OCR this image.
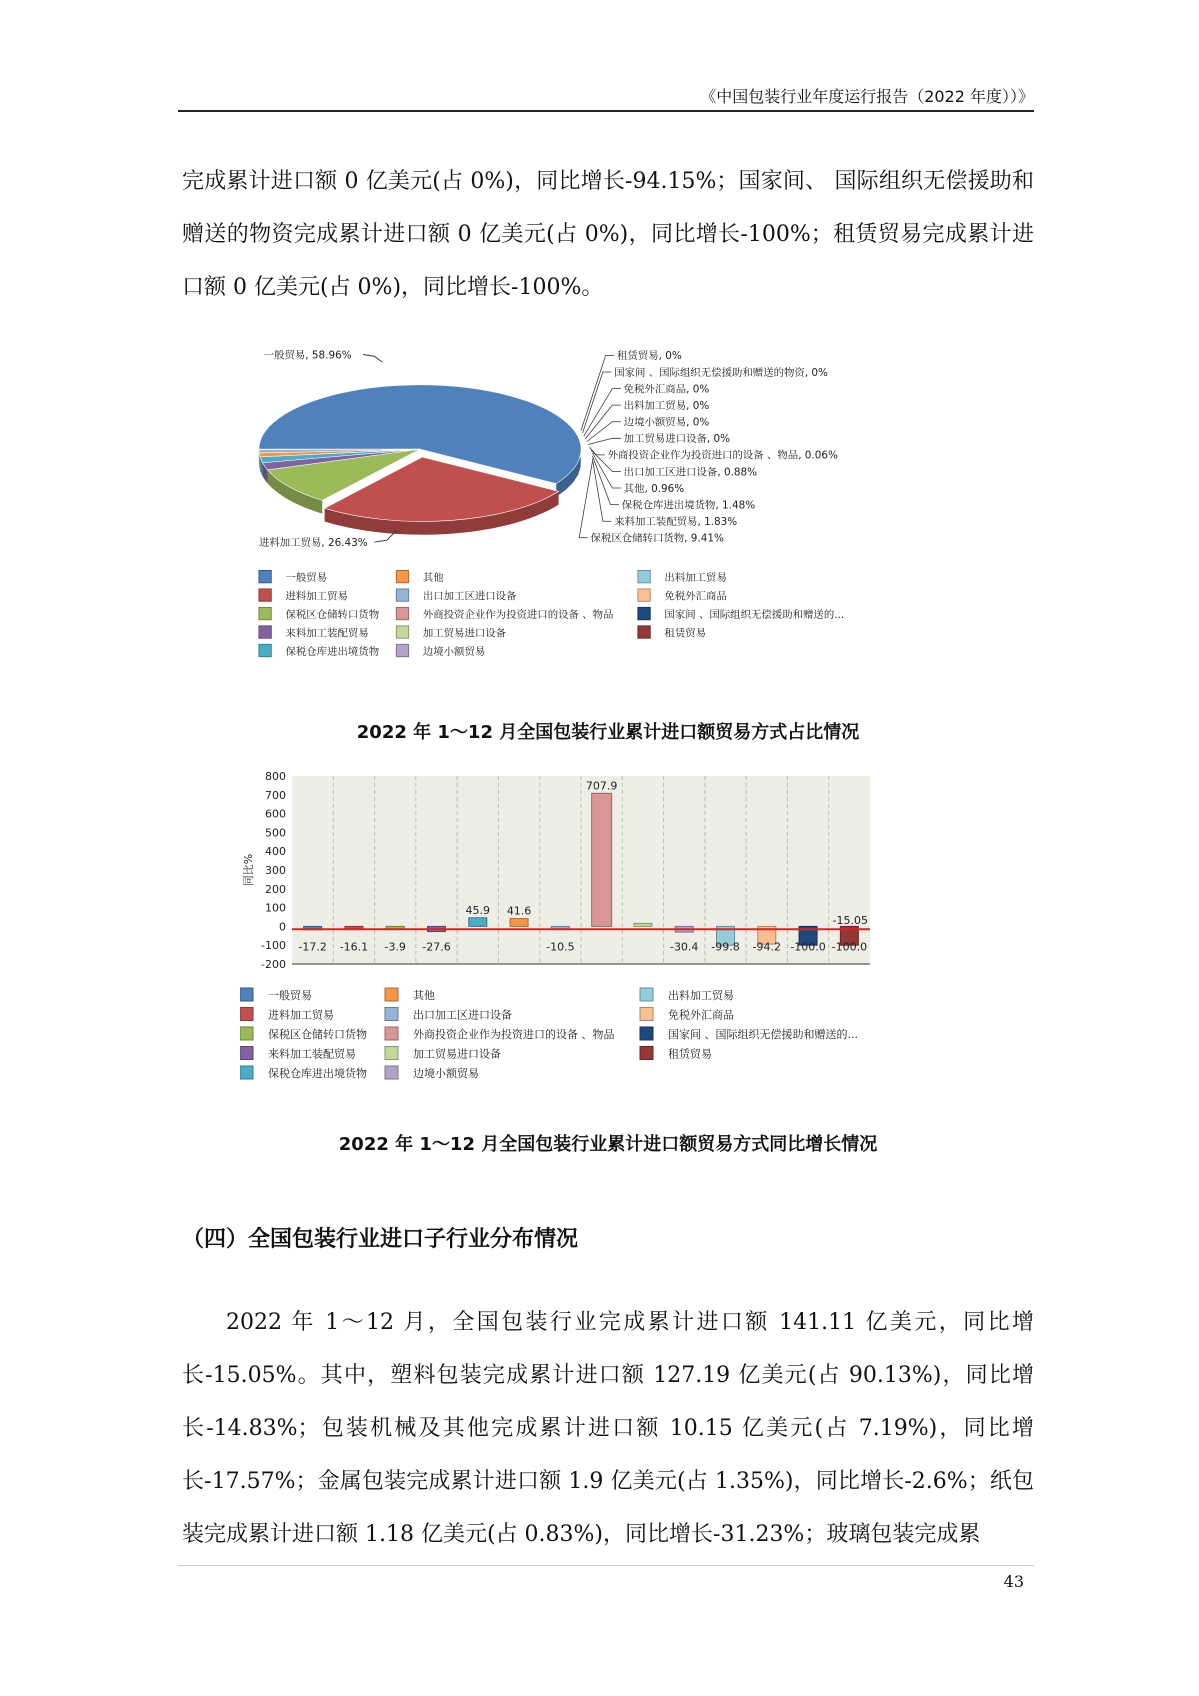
《中国包装行业年度运行报告（2022 年度））》

完成累计进口额 0 亿美元(占 0%)，同比增长-94.15%；国家间、 国际组织无偿援助和赠送的物资完成累计进口额 0 亿美元(占 0%)，同比增长-100%；租赁贸易完成累计进口额 0 亿美元(占 0%)，同比增长-100%。

一般贸易, 58.96%
进料加工贸易, 26.43%
租赁贸易, 0%
国家间 、国际组织无偿援助和赠送的物资, 0%
免税外汇商品, 0%
出料加工贸易, 0%
边境小额贸易, 0%
加工贸易进口设备, 0%
外商投资企业作为投资进口的设备 、物品, 0.06%
出口加工区进口设备, 0.88%
其他, 0.96%
保税仓库进出境货物, 1.48%
来料加工装配贸易, 1.83%
保税区仓储转口货物, 9.41%
一般贸易
进料加工贸易
保税区仓储转口货物
来料加工装配贸易
保税仓库进出境货物
其他
出口加工区进口设备
外商投资企业作为投资进口的设备 、物品
加工贸易进口设备
边境小额贸易
出料加工贸易
免税外汇商品
国家间 、国际组织无偿援助和赠送的...
租赁贸易
2022 年 1～12 月全国包装行业累计进口额贸易方式占比情况
800
700
600
500
400
300
200
100
0
-100
-200
同比%
-17.2 -16.1 -3.9 -27.6
45.9 41.6
-10.5
707.9
-30.4 -99.8 -94.2 -100.0 -100.0
-15.05
一般贸易
进料加工贸易
保税区仓储转口货物
来料加工装配贸易
保税仓库进出境货物
其他
出口加工区进口设备
外商投资企业作为投资进口的设备 、物品
加工贸易进口设备
边境小额贸易
出料加工贸易
免税外汇商品
国家间 、国际组织无偿援助和赠送的...
租赁贸易
2022 年 1～12 月全国包装行业累计进口额贸易方式同比增长情况
（四）全国包装行业进口子行业分布情况

2022 年 1～12 月，全国包装行业完成累计进口额 141.11 亿美元，同比增长-15.05%。其中，塑料包装完成累计进口额 127.19 亿美元(占 90.13%)，同比增长-14.83%；包装机械及其他完成累计进口额 10.15 亿美元(占 7.19%)，同比增长-17.57%；金属包装完成累计进口额 1.9 亿美元(占 1.35%)，同比增长-2.6%；纸包装完成累计进口额 1.18 亿美元(占 0.83%)，同比增长-31.23%；玻璃包装完成累

43
